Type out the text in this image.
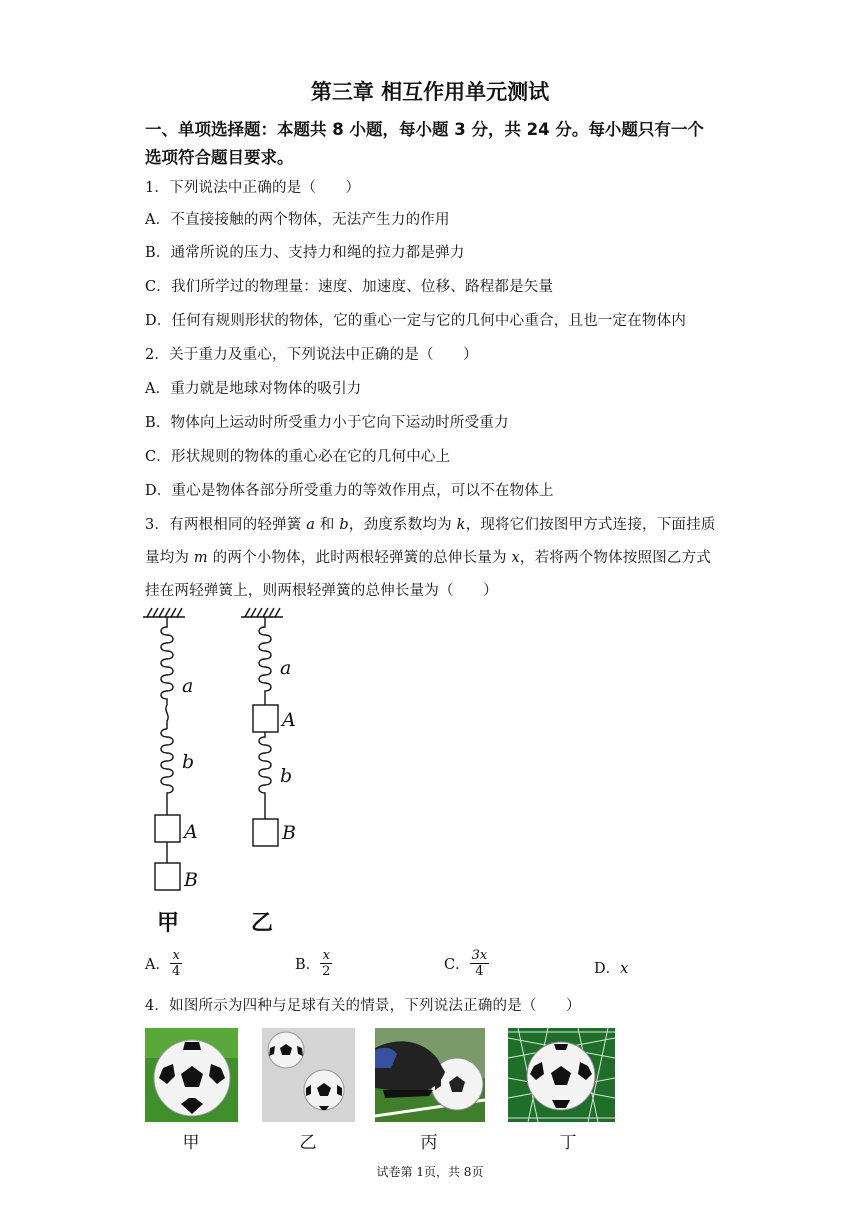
第三章 相互作用单元测试
一、单项选择题：本题共 8 小题，每小题 3 分，共 24 分。每小题只有一个
选项符合题目要求。
1．下列说法中正确的是（　　）
A．不直接接触的两个物体，无法产生力的作用
B．通常所说的压力、支持力和绳的拉力都是弹力
C．我们所学过的物理量：速度、加速度、位移、路程都是矢量
D．任何有规则形状的物体，它的重心一定与它的几何中心重合，且也一定在物体内
2．关于重力及重心，下列说法中正确的是（　　）
A．重力就是地球对物体的吸引力
B．物体向上运动时所受重力小于它向下运动时所受重力
C．形状规则的物体的重心必在它的几何中心上
D．重心是物体各部分所受重力的等效作用点，可以不在物体上
3．有两根相同的轻弹簧 a 和 b，劲度系数均为 k，现将它们按图甲方式连接，下面挂质
量均为 m 的两个小物体，此时两根轻弹簧的总伸长量为 x，若将两个物体按照图乙方式
挂在两轻弹簧上，则两根轻弹簧的总伸长量为（　　）
a
b
A
B
a
A
b
B
甲	乙
A． $\frac{x}{4}$	B． $\frac{x}{2}$	C． $\frac{3x}{4}$	D．x
4．如图所示为四种与足球有关的情景，下列说法正确的是（　　）
甲	乙	丙	丁
试卷第 1页，共 8页
